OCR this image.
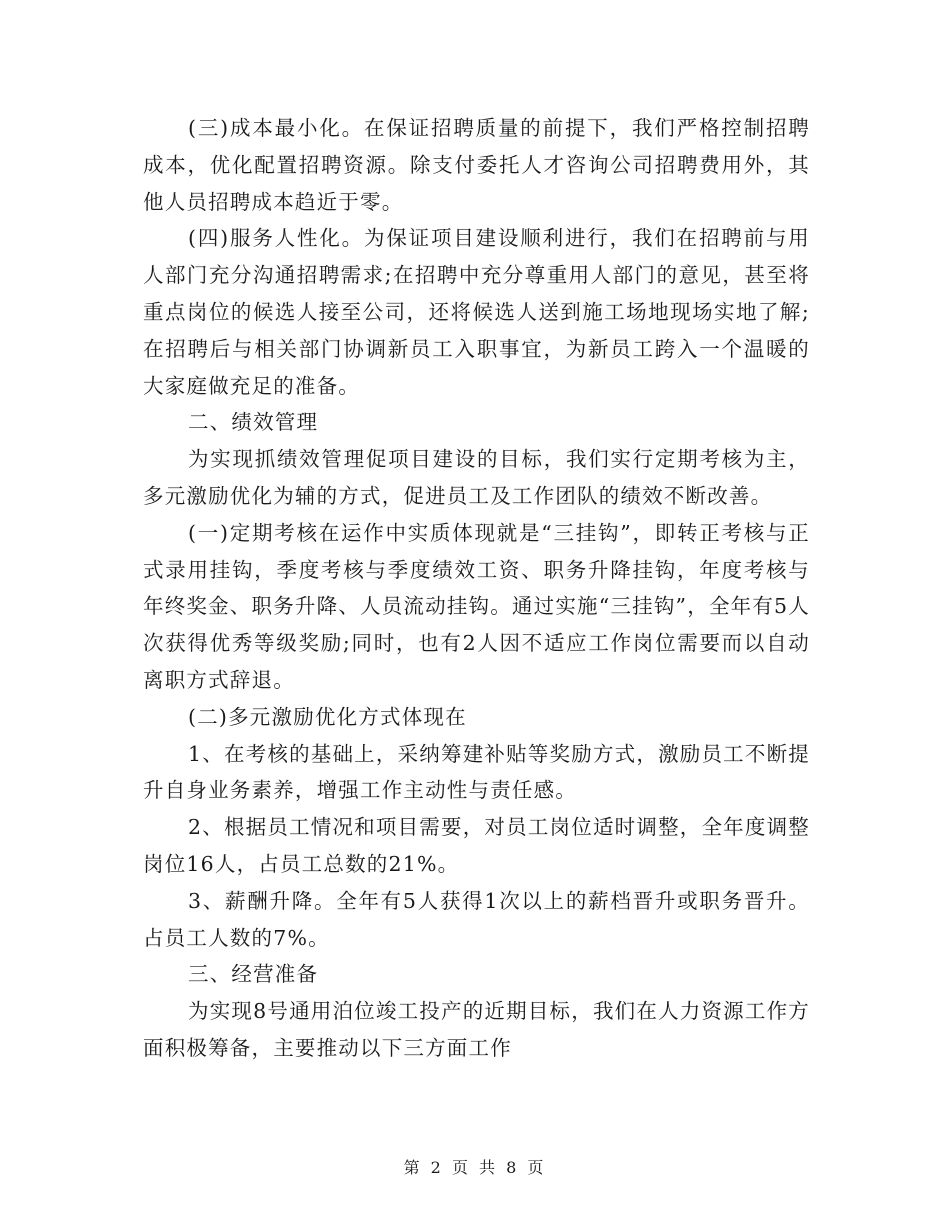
(三)成本最小化。在保证招聘质量的前提下，我们严格控制招聘成本，优化配置招聘资源。除支付委托人才咨询公司招聘费用外，其他人员招聘成本趋近于零。

(四)服务人性化。为保证项目建设顺利进行，我们在招聘前与用人部门充分沟通招聘需求;在招聘中充分尊重用人部门的意见，甚至将重点岗位的候选人接至公司，还将候选人送到施工场地现场实地了解;在招聘后与相关部门协调新员工入职事宜，为新员工跨入一个温暖的大家庭做充足的准备。

二、绩效管理

为实现抓绩效管理促项目建设的目标，我们实行定期考核为主，多元激励优化为辅的方式，促进员工及工作团队的绩效不断改善。

(一)定期考核在运作中实质体现就是“三挂钩”，即转正考核与正式录用挂钩，季度考核与季度绩效工资、职务升降挂钩，年度考核与年终奖金、职务升降、人员流动挂钩。通过实施“三挂钩”，全年有5人次获得优秀等级奖励;同时，也有2人因不适应工作岗位需要而以自动离职方式辞退。

(二)多元激励优化方式体现在

1、在考核的基础上，采纳筹建补贴等奖励方式，激励员工不断提升自身业务素养，增强工作主动性与责任感。

2、根据员工情况和项目需要，对员工岗位适时调整，全年度调整岗位16人，占员工总数的21%。

3、薪酬升降。全年有5人获得1次以上的薪档晋升或职务晋升。占员工人数的7%。

三、经营准备

为实现8号通用泊位竣工投产的近期目标，我们在人力资源工作方面积极筹备，主要推动以下三方面工作

第 2 页 共 8 页
